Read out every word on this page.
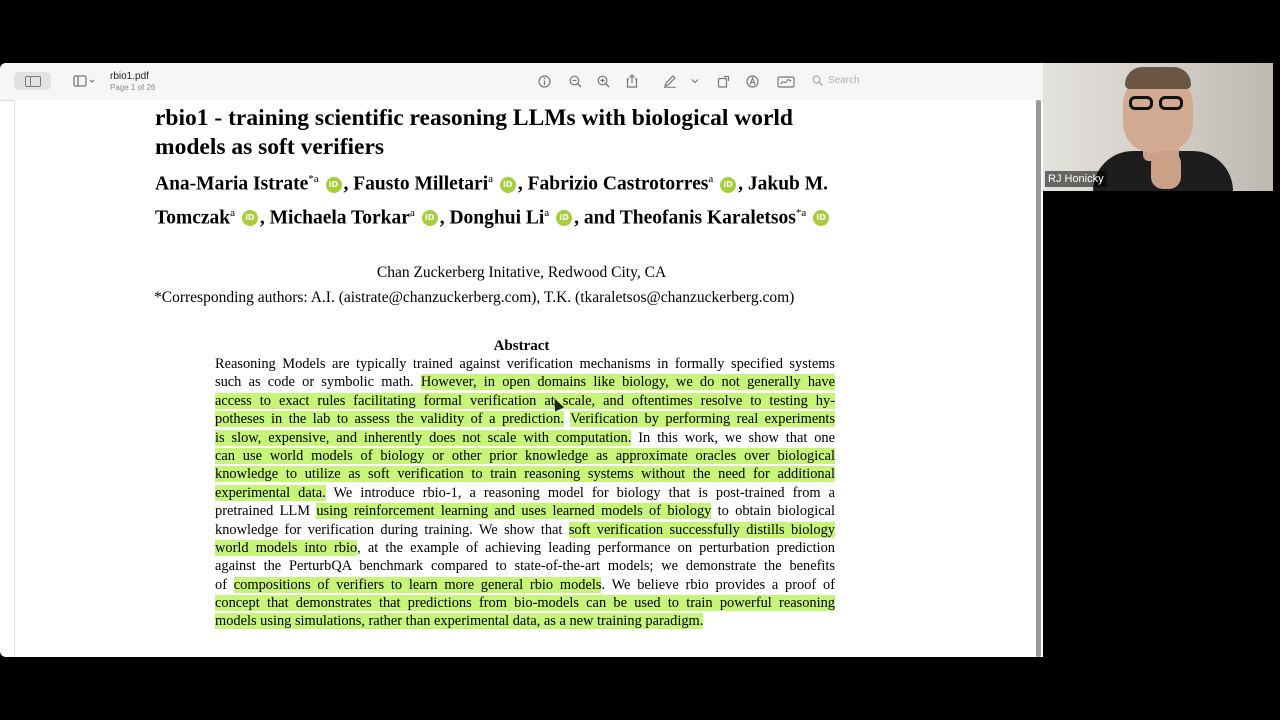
rbio1.pdf
Page 1 of 26
Search
rbio1 - training scientific reasoning LLMs with biological world
models as soft verifiers
Ana-Maria Istrate$^{*a}$ iD , Fausto Milletari$^a$ iD , Fabrizio Castrotorres$^a$ iD , Jakub M.
Tomczak$^a$ iD , Michaela Torkar$^a$ iD , Donghui Li$^a$ iD , and Theofanis Karaletsos$^{*a}$ iD
Chan Zuckerberg Initative, Redwood City, CA
*Corresponding authors: A.I. (aistrate@chanzuckerberg.com), T.K. (tkaraletsos@chanzuckerberg.com)
Abstract
Reasoning Models are typically trained against verification mechanisms in formally specified systems
such as code or symbolic math. However, in open domains like biology, we do not generally have
access to exact rules facilitating formal verification at scale, and oftentimes resolve to testing hy-
potheses in the lab to assess the validity of a prediction. Verification by performing real experiments
is slow, expensive, and inherently does not scale with computation. In this work, we show that one
can use world models of biology or other prior knowledge as approximate oracles over biological
knowledge to utilize as soft verification to train reasoning systems without the need for additional
experimental data. We introduce rbio-1, a reasoning model for biology that is post-trained from a
pretrained LLM using reinforcement learning and uses learned models of biology to obtain biological
knowledge for verification during training. We show that soft verification successfully distills biology
world models into rbio, at the example of achieving leading performance on perturbation prediction
against the PerturbQA benchmark compared to state-of-the-art models; we demonstrate the benefits
of compositions of verifiers to learn more general rbio models. We believe rbio provides a proof of
concept that demonstrates that predictions from bio-models can be used to train powerful reasoning
models using simulations, rather than experimental data, as a new training paradigm.
RJ Honicky
